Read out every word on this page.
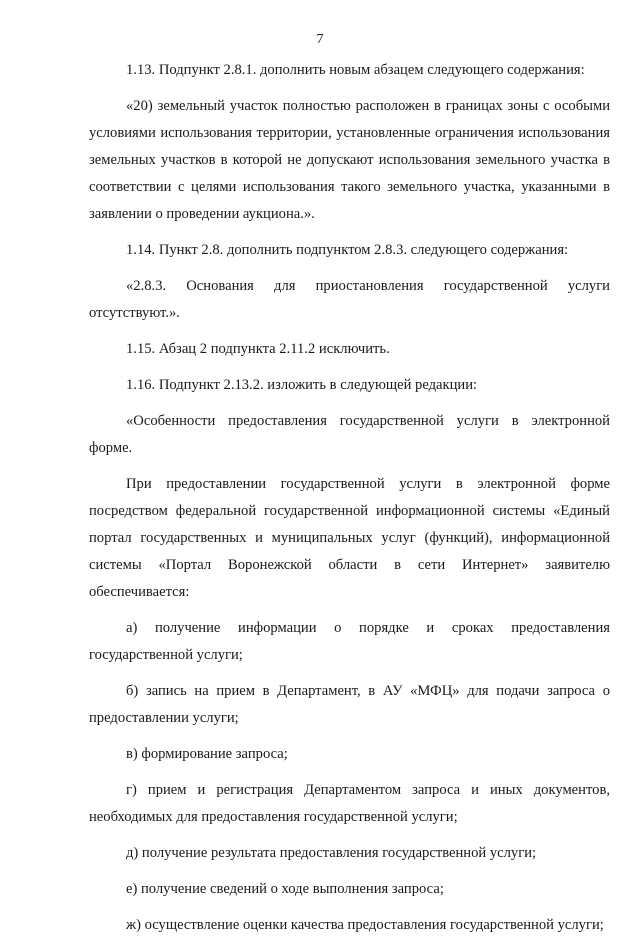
7

1.13. Подпункт 2.8.1. дополнить новым абзацем следующего содержания:

«20) земельный участок полностью расположен в границах зоны с особыми условиями использования территории, установленные ограничения использования земельных участков в которой не допускают использования земельного участка в соответствии с целями использования такого земельного участка, указанными в заявлении о проведении аукциона.».

1.14. Пункт 2.8. дополнить подпунктом 2.8.3. следующего содержания:

«2.8.3. Основания для приостановления государственной услуги отсутствуют.».

1.15. Абзац 2 подпункта 2.11.2 исключить.

1.16. Подпункт 2.13.2. изложить в следующей редакции:

«Особенности предоставления государственной услуги в электронной форме.

При предоставлении государственной услуги в электронной форме посредством федеральной государственной информационной системы «Единый портал государственных и муниципальных услуг (функций), информационной системы «Портал Воронежской области в сети Интернет» заявителю обеспечивается:

а) получение информации о порядке и сроках предоставления государственной услуги;

б) запись на прием в Департамент, в АУ «МФЦ» для подачи запроса о предоставлении услуги;

в) формирование запроса;

г) прием и регистрация Департаментом запроса и иных документов, необходимых для предоставления государственной услуги;

д) получение результата предоставления государственной услуги;

е) получение сведений о ходе выполнения запроса;

ж) осуществление оценки качества предоставления государственной услуги;
